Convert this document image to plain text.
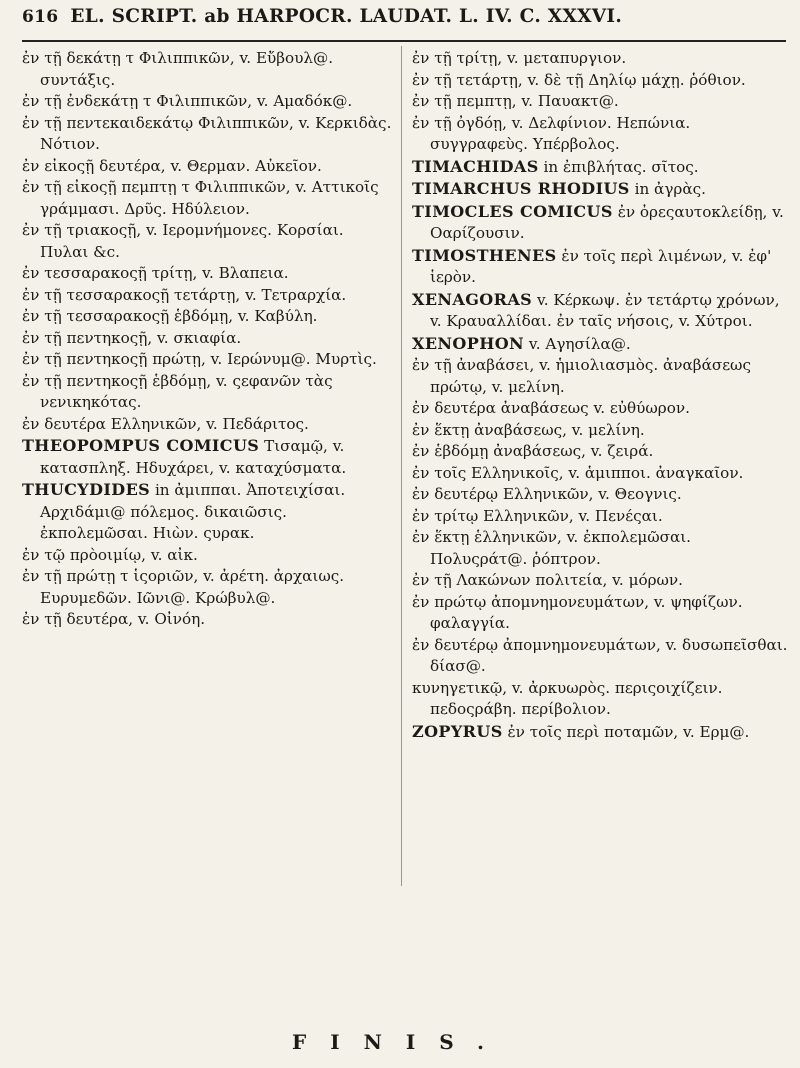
616 EL. SCRIPT. ab HARPOCR. LAUDAT. L. IV. C. XXXVI.
ἐν τῇ δεκάτῃ τ Φιλιππικῶν, v. Εὔβουλ@. συντάξις.
ἐν τῇ ἐνδεκάτῃ τ Φιλιππικῶν, v. Αμαδόκ@.
ἐν τῇ πεντεκαιδεκάτῳ Φιλιππικῶν, v. Κερκιδὰς. Νότιον.
ἐν εἰκοςῇ δευτέρα, v. Θερμαν. Αὐκεῖον.
ἐν τῇ εἰκοςῇ πεμπτῃ τ Φιλιππικῶν, v. Αττικοῖς γράμμασι. Δρῦς. Ηδύλειον.
ἐν τῇ τριακοςῇ, v. Ιερομνήμονες. Κορσίαι. Πυλαι &c.
ἐν τεσσαρακοςῇ τρίτῃ, v. Βλαπεια.
ἐν τῇ τεσσαρακοςῇ τετάρτῃ, v. Τετραρχία.
ἐν τῇ τεσσαρακοςῇ ἑβδόμῃ, v. Καβύλη.
ἐν τῇ πεντηκοςῇ, v. σκιαφία.
ἐν τῇ πεντηκοςῇ πρώτῃ, v. Ιερώνυμ@. Μυρτὶς.
ἐν τῇ πεντηκοςῇ ἑβδόμῃ, v. ςεφανῶν τὰς νενικηκότας.
ἐν δευτέρα Ελληνικῶν, v. Πεδάριτος.
THEOPOMPUS COMICUS Τισαμῷ, v. κατασπληξ. Ηδυχάρει, v. καταχύσματα.
THUCYDIDES in ἀμιππαι. Ἀποτειχίσαι. Αρχιδάμι@ πόλεμος. δικαιῶσις. ἐκπολεμῶσαι. Ηιὼν. ςυρακ.
ἐν τῷ πρὸοιμίῳ, v. αἰκ.
ἐν τῇ πρώτῃ τ ἱςοριῶν, v. ἀρέτη. ἀρχαιως. Ευρυμεδῶν. Ιῶνι@. Κρώβυλ@.
ἐν τῇ δευτέρα, v. Οἰνόη.
ἐν τῇ τρίτῃ, v. μεταπυργιον.
ἐν τῇ τετάρτῃ, v. δὲ τῇ Δηλίῳ μάχῃ. ῥόθιον.
ἐν τῇ πεμπτῃ, v. Παυακτ@.
ἐν τῇ ὀγδόῃ, v. Δελφίνιον. Ηεπώνια. συγγραφεὺς. Υπέρβολος.
TIMACHIDAS in ἐπιβλήτας. σῖτος.
TIMARCHUS RHODIUS in ἀγρὰς.
TIMOCLES COMICUS ἐν ὀρεςαυτοκλείδῃ, v. Οαρίζουσιν.
TIMOSTHENES ἐν τοῖς περὶ λιμένων, v. ἐφ' ἱερὸν.
XENAGORAS v. Κέρκωψ. ἐν τετάρτῳ χρόνων, v. Κραυαλλίδαι. ἐν ταῖς νήσοις, v. Χύτροι.
XENOPHON v. Αγησίλα@.
ἐν τῇ ἀναβάσει, v. ἡμιολιασμὸς. ἀναβάσεως πρώτῳ, v. μελίνη.
ἐν δευτέρα ἀναβάσεως v. εὐθύωρον.
ἐν ἕκτῃ ἀναβάσεως, v. μελίνη.
ἐν ἑβδόμῃ ἀναβάσεως, v. ζειρά.
ἐν τοῖς Ελληνικοῖς, v. ἁμιπποι. ἀναγκαῖον.
ἐν δευτέρῳ Ελληνικῶν, v. Θεογνις.
ἐν τρίτῳ Ελληνικῶν, v. Πενέςαι.
ἐν ἕκτῃ ἑλληνικῶν, v. ἐκπολεμῶσαι. Πολυςράτ@. ῥόπτρον.
ἐν τῇ Λακώνων πολιτεία, v. μόρων.
ἐν πρώτῳ ἀπομνημονευμάτων, v. ψηφίζων. φαλαγγία.
ἐν δευτέρῳ ἀπομνημονευμάτων, v. δυσωπεῖσθαι. δίασ@.
κυνηγετικῷ, v. ἀρκυωρὸς. περιςοιχίζειν. πεδοςράβη. περίβολιον.
ZOPYRUS ἐν τοῖς περὶ ποταμῶν, v. Ερμ@.
FINIS.
